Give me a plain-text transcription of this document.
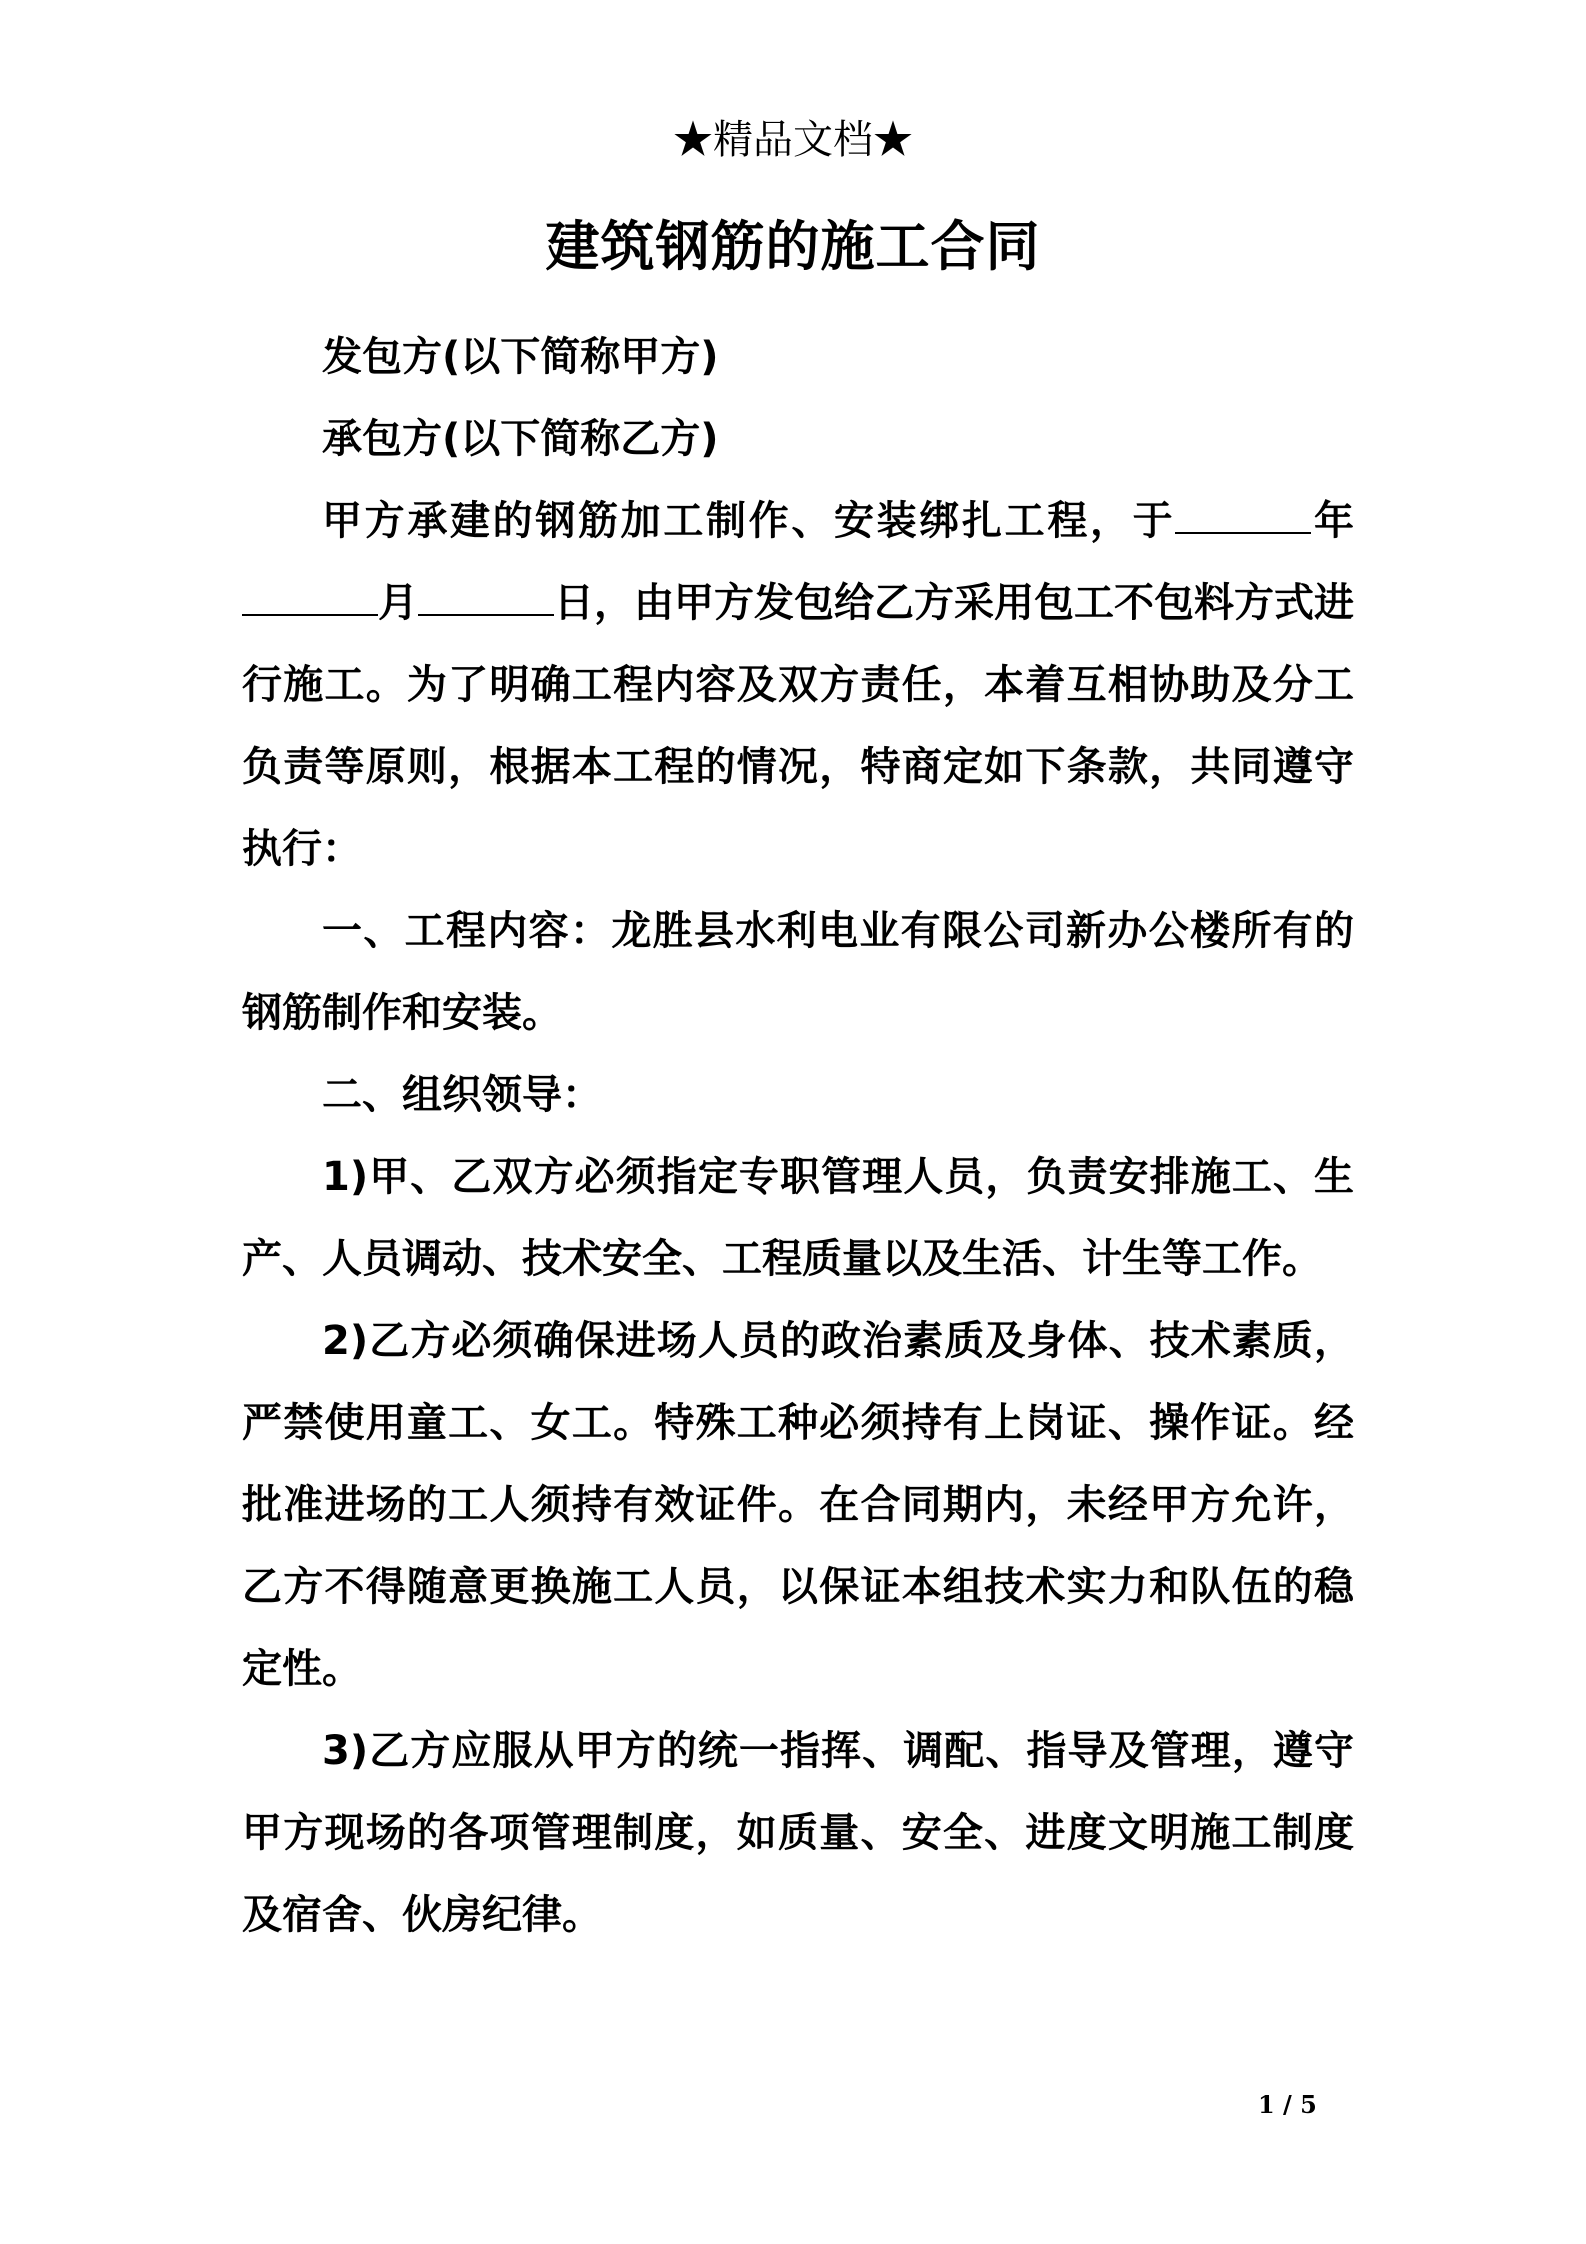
★精品文档★
建筑钢筋的施工合同

发包方(以下简称甲方)

承包方(以下简称乙方)

甲方承建的钢筋加工制作、安装绑扎工程，于	年月	日，由甲方发包给乙方采用包工不包料方式进行施工。为了明确工程内容及双方责任，本着互相协助及分工负责等原则，根据本工程的情况，特商定如下条款，共同遵守执行：

一、工程内容：龙胜县水利电业有限公司新办公楼所有的钢筋制作和安装。

二、组织领导：

1)甲、乙双方必须指定专职管理人员，负责安排施工、生产、人员调动、技术安全、工程质量以及生活、计生等工作。

2)乙方必须确保进场人员的政治素质及身体、技术素质，严禁使用童工、女工。特殊工种必须持有上岗证、操作证。经批准进场的工人须持有效证件。在合同期内，未经甲方允许，乙方不得随意更换施工人员，以保证本组技术实力和队伍的稳定性。

3)乙方应服从甲方的统一指挥、调配、指导及管理，遵守甲方现场的各项管理制度，如质量、安全、进度文明施工制度及宿舍、伙房纪律。

1 / 5
